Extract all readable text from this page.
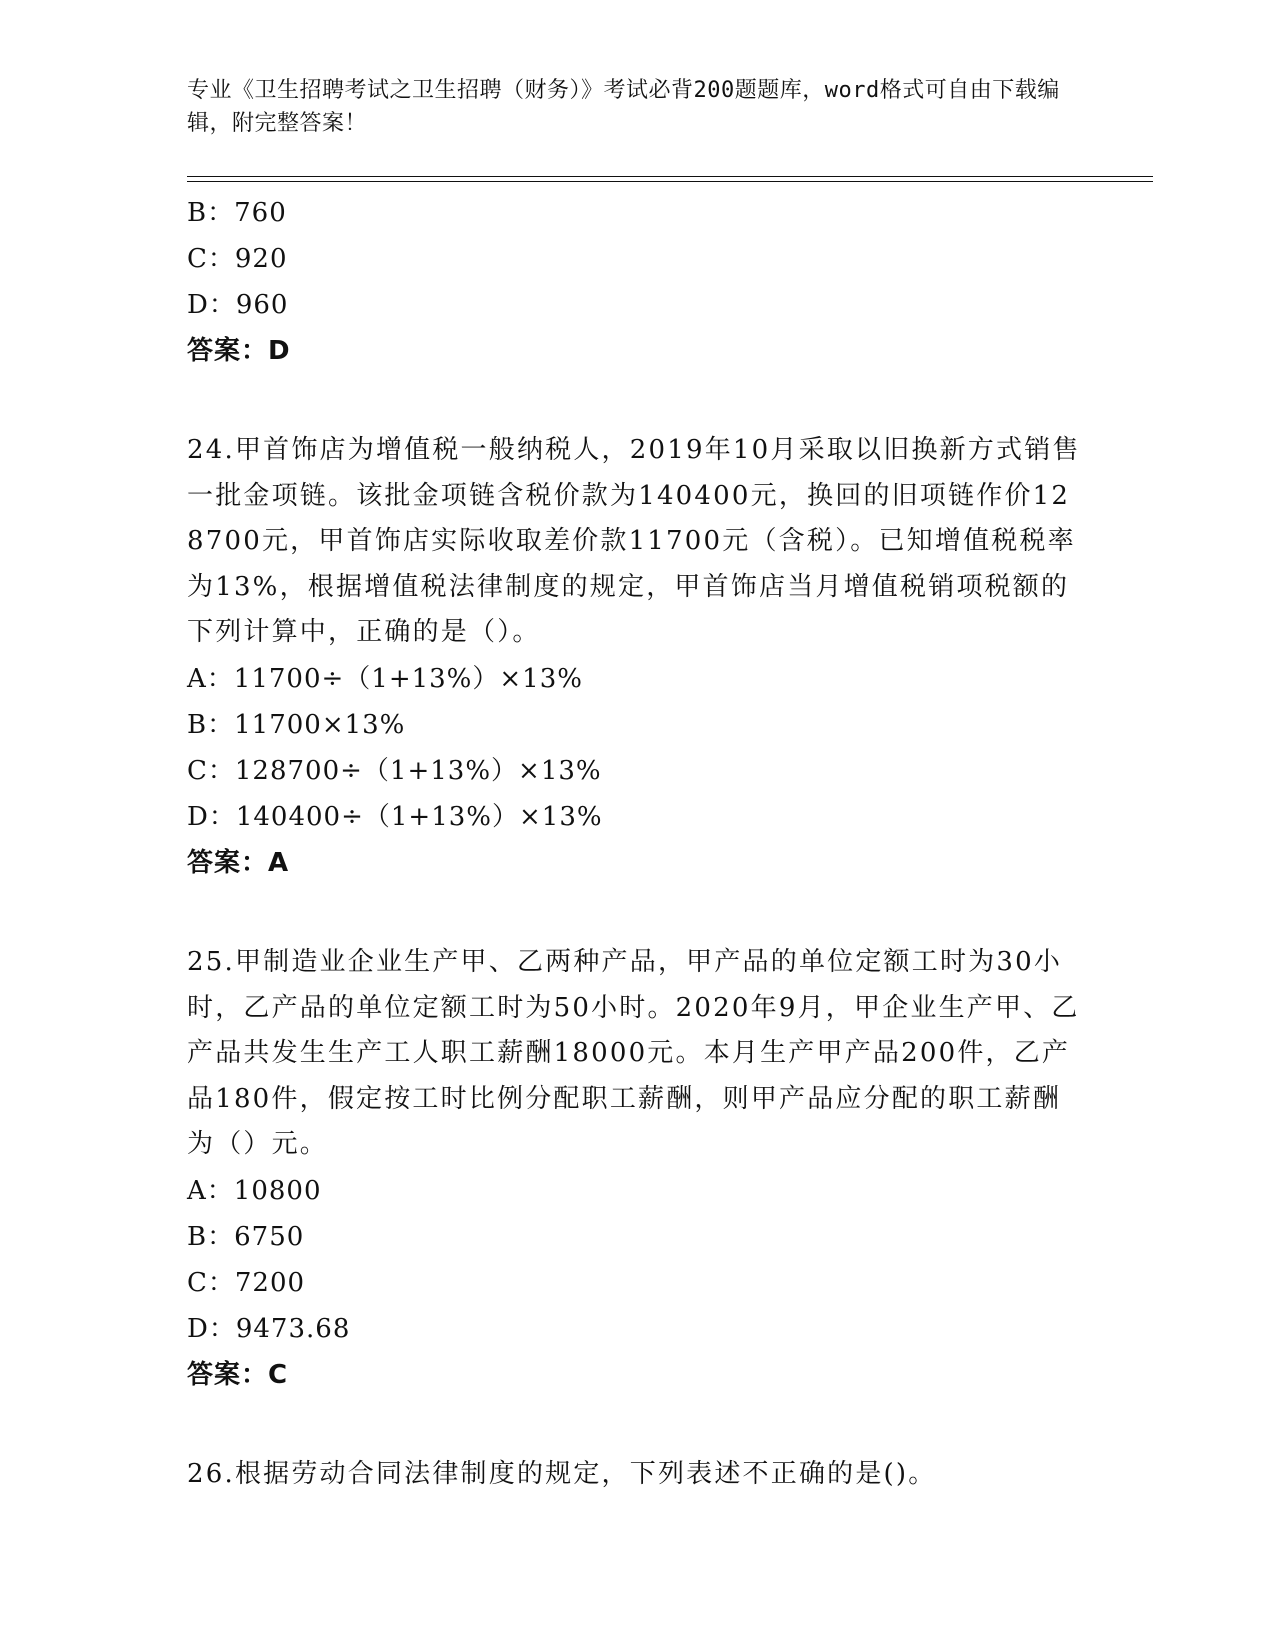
专业《卫生招聘考试之卫生招聘（财务）》考试必背200题题库，word格式可自由下载编辑，附完整答案！
B：760
C：920
D：960
答案：D
24.甲首饰店为增值税一般纳税人，2019年10月采取以旧换新方式销售一批金项链。该批金项链含税价款为140400元，换回的旧项链作价128700元，甲首饰店实际收取差价款11700元（含税）。已知增值税税率为13%，根据增值税法律制度的规定，甲首饰店当月增值税销项税额的下列计算中，正确的是（）。
A：11700÷（1+13%）×13%
B：11700×13%
C：128700÷（1+13%）×13%
D：140400÷（1+13%）×13%
答案：A
25.甲制造业企业生产甲、乙两种产品，甲产品的单位定额工时为30小时，乙产品的单位定额工时为50小时。2020年9月，甲企业生产甲、乙产品共发生生产工人职工薪酬18000元。本月生产甲产品200件，乙产品180件，假定按工时比例分配职工薪酬，则甲产品应分配的职工薪酬为（）元。
A：10800
B：6750
C：7200
D：9473.68
答案：C
26.根据劳动合同法律制度的规定，下列表述不正确的是()。
